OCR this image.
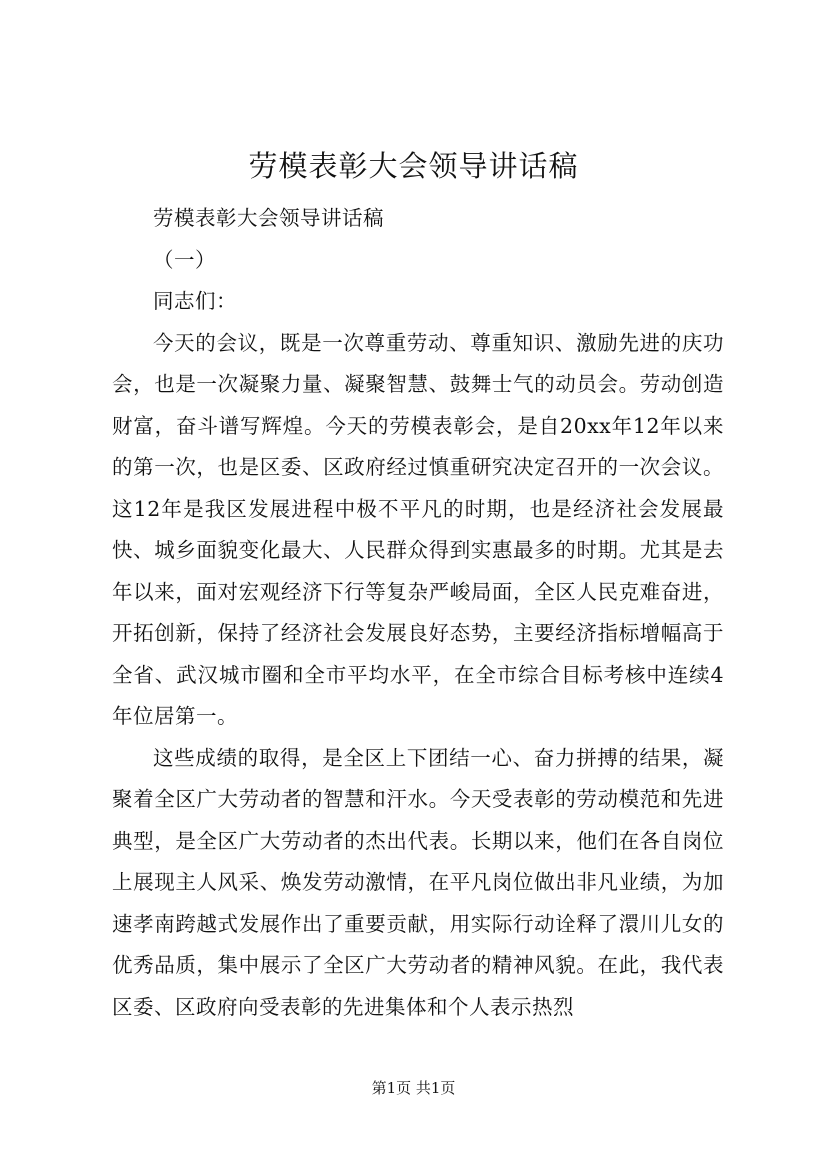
劳模表彰大会领导讲话稿

劳模表彰大会领导讲话稿

（一）

同志们：

今天的会议，既是一次尊重劳动、尊重知识、激励先进的庆功会，也是一次凝聚力量、凝聚智慧、鼓舞士气的动员会。劳动创造财富，奋斗谱写辉煌。今天的劳模表彰会，是自20xx年12年以来的第一次，也是区委、区政府经过慎重研究决定召开的一次会议。这12年是我区发展进程中极不平凡的时期，也是经济社会发展最快、城乡面貌变化最大、人民群众得到实惠最多的时期。尤其是去年以来，面对宏观经济下行等复杂严峻局面，全区人民克难奋进，开拓创新，保持了经济社会发展良好态势，主要经济指标增幅高于全省、武汉城市圈和全市平均水平，在全市综合目标考核中连续4年位居第一。

这些成绩的取得，是全区上下团结一心、奋力拼搏的结果，凝聚着全区广大劳动者的智慧和汗水。今天受表彰的劳动模范和先进典型，是全区广大劳动者的杰出代表。长期以来，他们在各自岗位上展现主人风采、焕发劳动激情，在平凡岗位做出非凡业绩，为加速孝南跨越式发展作出了重要贡献，用实际行动诠释了澴川儿女的优秀品质，集中展示了全区广大劳动者的精神风貌。在此，我代表区委、区政府向受表彰的先进集体和个人表示热烈

第1页 共1页
